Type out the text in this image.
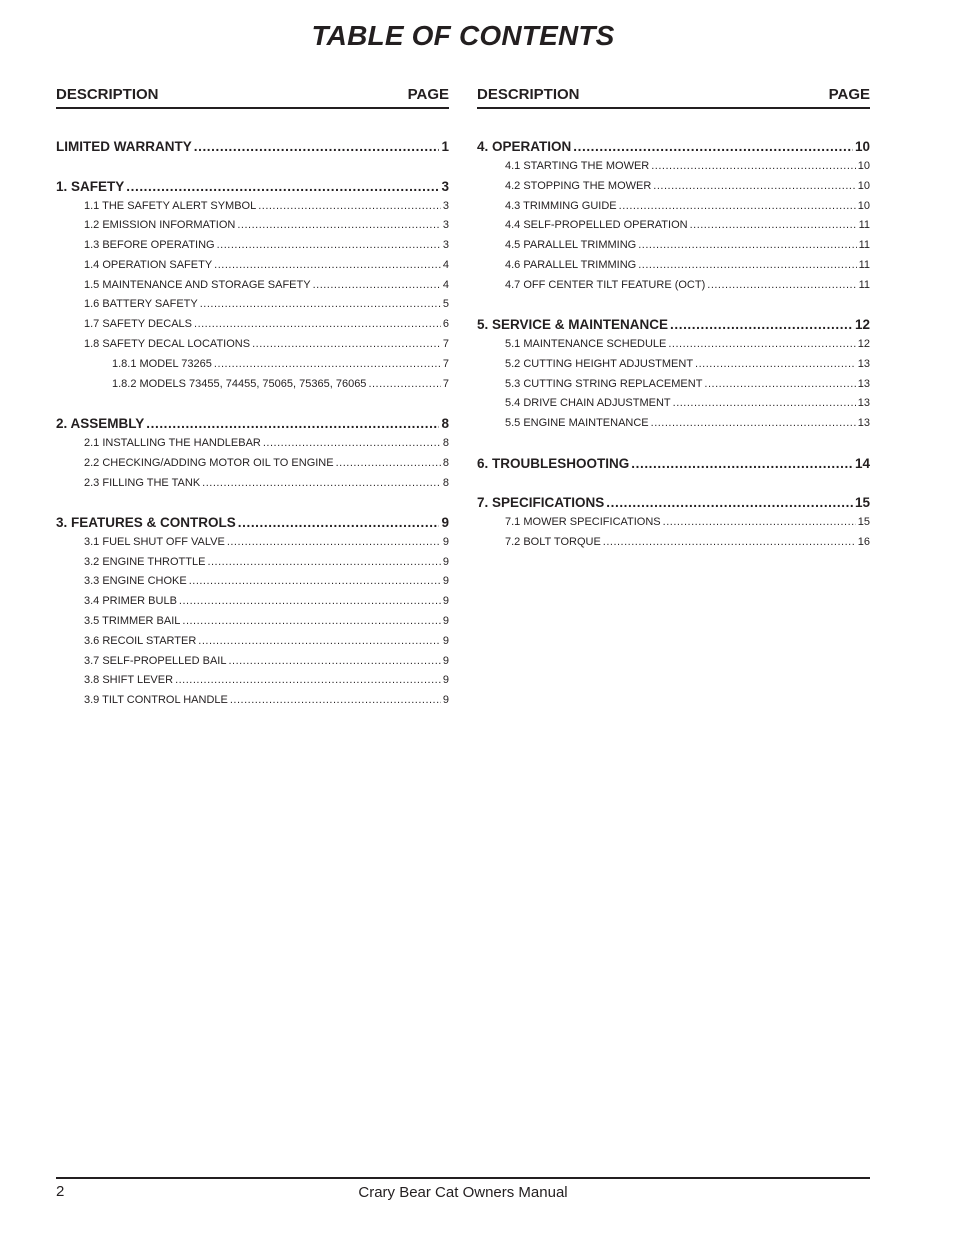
TABLE OF CONTENTS
DESCRIPTION	PAGE
LIMITED WARRANTY .....	1
1. SAFETY .....	3
1.1 THE SAFETY ALERT SYMBOL .....	3
1.2 EMISSION INFORMATION .....	3
1.3 BEFORE OPERATING .....	3
1.4 OPERATION SAFETY .....	4
1.5 MAINTENANCE AND STORAGE SAFETY .....	4
1.6 BATTERY SAFETY .....	5
1.7 SAFETY DECALS .....	6
1.8 SAFETY DECAL LOCATIONS .....	7
1.8.1 MODEL 73265 .....	7
1.8.2 MODELS 73455, 74455, 75065, 75365, 76065 .....	7
2. ASSEMBLY .....	8
2.1 INSTALLING THE HANDLEBAR .....	8
2.2 CHECKING/ADDING MOTOR OIL TO ENGINE .....	8
2.3 FILLING THE TANK .....	8
3. FEATURES & CONTROLS .....	9
3.1 FUEL SHUT OFF VALVE .....	9
3.2 ENGINE THROTTLE .....	9
3.3 ENGINE CHOKE .....	9
3.4 PRIMER BULB .....	9
3.5 TRIMMER BAIL .....	9
3.6 RECOIL STARTER .....	9
3.7 SELF-PROPELLED BAIL .....	9
3.8 SHIFT LEVER .....	9
3.9 TILT CONTROL HANDLE .....	9
DESCRIPTION	PAGE
4. OPERATION .....	10
4.1 STARTING THE MOWER .....	10
4.2 STOPPING THE MOWER .....	10
4.3 TRIMMING GUIDE .....	10
4.4 SELF-PROPELLED OPERATION .....	11
4.5 PARALLEL TRIMMING .....	11
4.6 PARALLEL TRIMMING .....	11
4.7 OFF CENTER TILT FEATURE (OCT) .....	11
5. SERVICE & MAINTENANCE .....	12
5.1 MAINTENANCE SCHEDULE .....	12
5.2 CUTTING HEIGHT ADJUSTMENT .....	13
5.3 CUTTING STRING REPLACEMENT .....	13
5.4 DRIVE CHAIN ADJUSTMENT .....	13
5.5 ENGINE MAINTENANCE .....	13
6. TROUBLESHOOTING .....	14
7. SPECIFICATIONS .....	15
7.1 MOWER SPECIFICATIONS .....	15
7.2 BOLT TORQUE .....	16
2	Crary Bear Cat Owners Manual
